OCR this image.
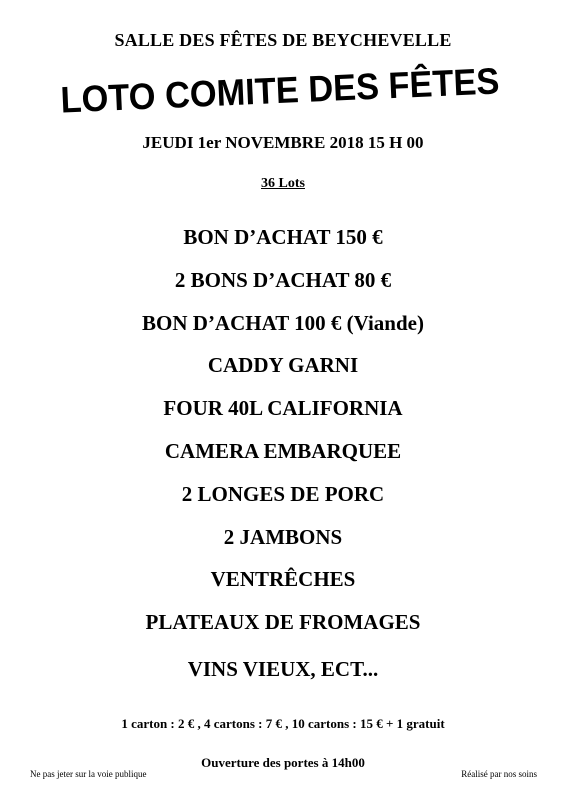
SALLE DES FÊTES DE BEYCHEVELLE
LOTO COMITE DES FÊTES
JEUDI 1er NOVEMBRE 2018 15 H 00
36 Lots
BON D’ACHAT 150 €
2 BONS D’ACHAT 80 €
BON D’ACHAT 100 € (Viande)
CADDY GARNI
FOUR 40L CALIFORNIA
CAMERA EMBARQUEE
2 LONGES DE PORC
2 JAMBONS
VENTRÊCHES
PLATEAUX DE FROMAGES
VINS VIEUX, ECT...
1 carton : 2 € , 4 cartons : 7 € , 10 cartons : 15 € + 1 gratuit
Ouverture des portes à 14h00
Ne pas jeter sur la voie publique	Réalisé par nos soins
